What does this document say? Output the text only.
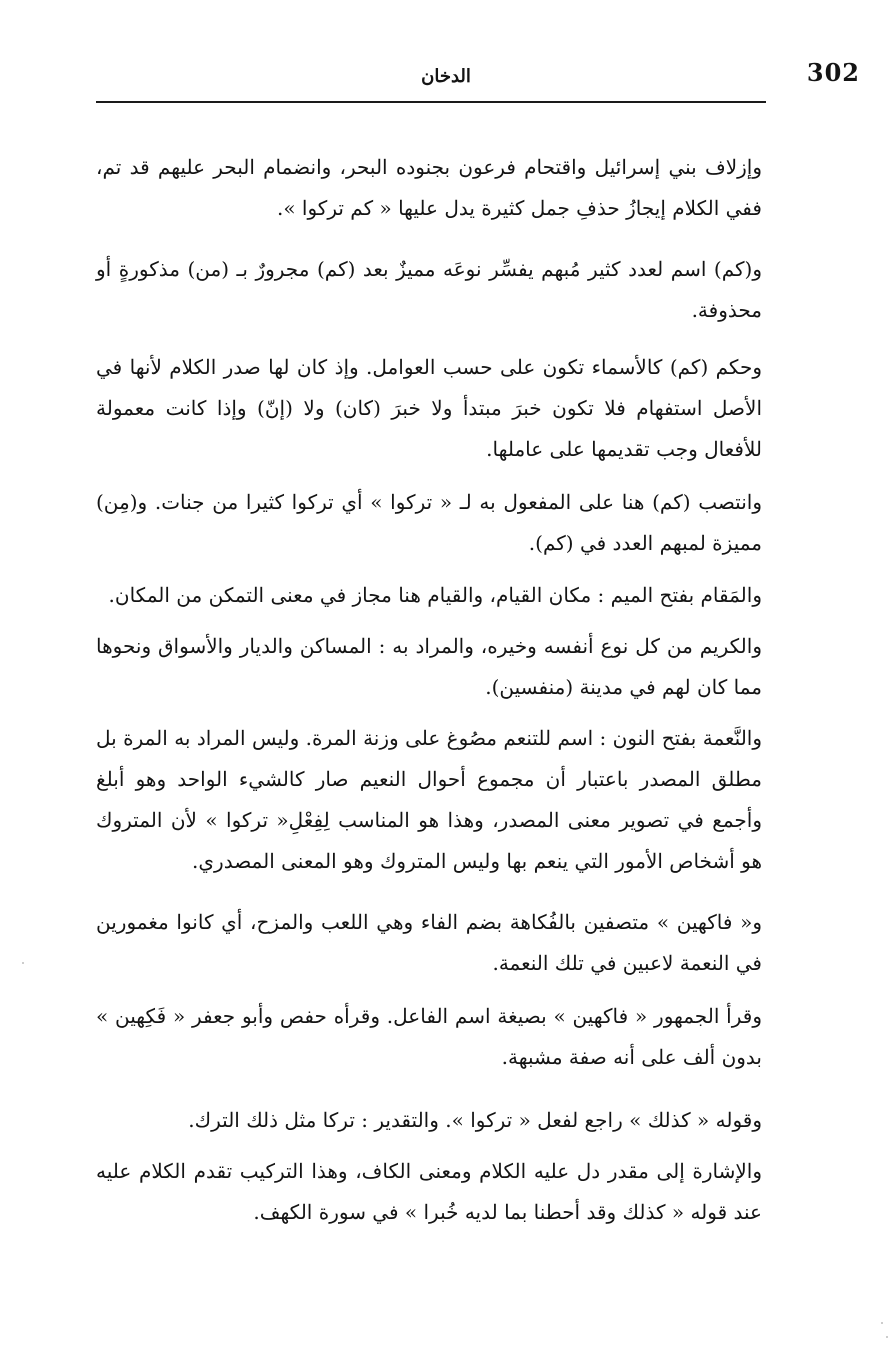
302
الدخان

وإزلاف بني إسرائيل واقتحام فرعون بجنوده البحر، وانضمام البحر عليهم قد تم، ففي الكلام إيجازُ حذفِ جمل كثيرة يدل عليها « كم تركوا ».

و(كم) اسم لعدد كثير مُبهم يفسِّر نوعَه مميزٌ بعد (كم) مجرورٌ بـ (من) مذكورةٍ أو محذوفة.

وحكم (كم) كالأسماء تكون على حسب العوامل. وإذ كان لها صدر الكلام لأنها في الأصل استفهام فلا تكون خبرَ مبتدأ ولا خبرَ (كان) ولا (إنّ) وإذا كانت معمولة للأفعال وجب تقديمها على عاملها.

وانتصب (كم) هنا على المفعول به لـ « تركوا » أي تركوا كثيرا من جنات. و(مِن) مميزة لمبهم العدد في (كم).

والمَقام بفتح الميم : مكان القيام، والقيام هنا مجاز في معنى التمكن من المكان.

والكريم من كل نوع أنفسه وخيره، والمراد به : المساكن والديار والأسواق ونحوها مما كان لهم في مدينة (منفسين).

والنَّعمة بفتح النون : اسم للتنعم مصُوغ على وزنة المرة. وليس المراد به المرة بل مطلق المصدر باعتبار أن مجموع أحوال النعيم صار كالشيء الواحد وهو أبلغ وأجمع في تصوير معنى المصدر، وهذا هو المناسب لِفِعْلِ« تركوا » لأن المتروك هو أشخاص الأمور التي ينعم بها وليس المتروك وهو المعنى المصدري.

و« فاكهين » متصفين بالفُكاهة بضم الفاء وهي اللعب والمزح، أي كانوا مغمورين في النعمة لاعبين في تلك النعمة.

وقرأ الجمهور « فاكهين » بصيغة اسم الفاعل. وقرأه حفص وأبو جعفر « فَكِهين » بدون ألف على أنه صفة مشبهة.

وقوله « كذلك » راجع لفعل « تركوا ». والتقدير : تركا مثل ذلك الترك.

والإشارة إلى مقدر دل عليه الكلام ومعنى الكاف، وهذا التركيب تقدم الكلام عليه عند قوله « كذلك وقد أحطنا بما لديه خُبرا » في سورة الكهف.
